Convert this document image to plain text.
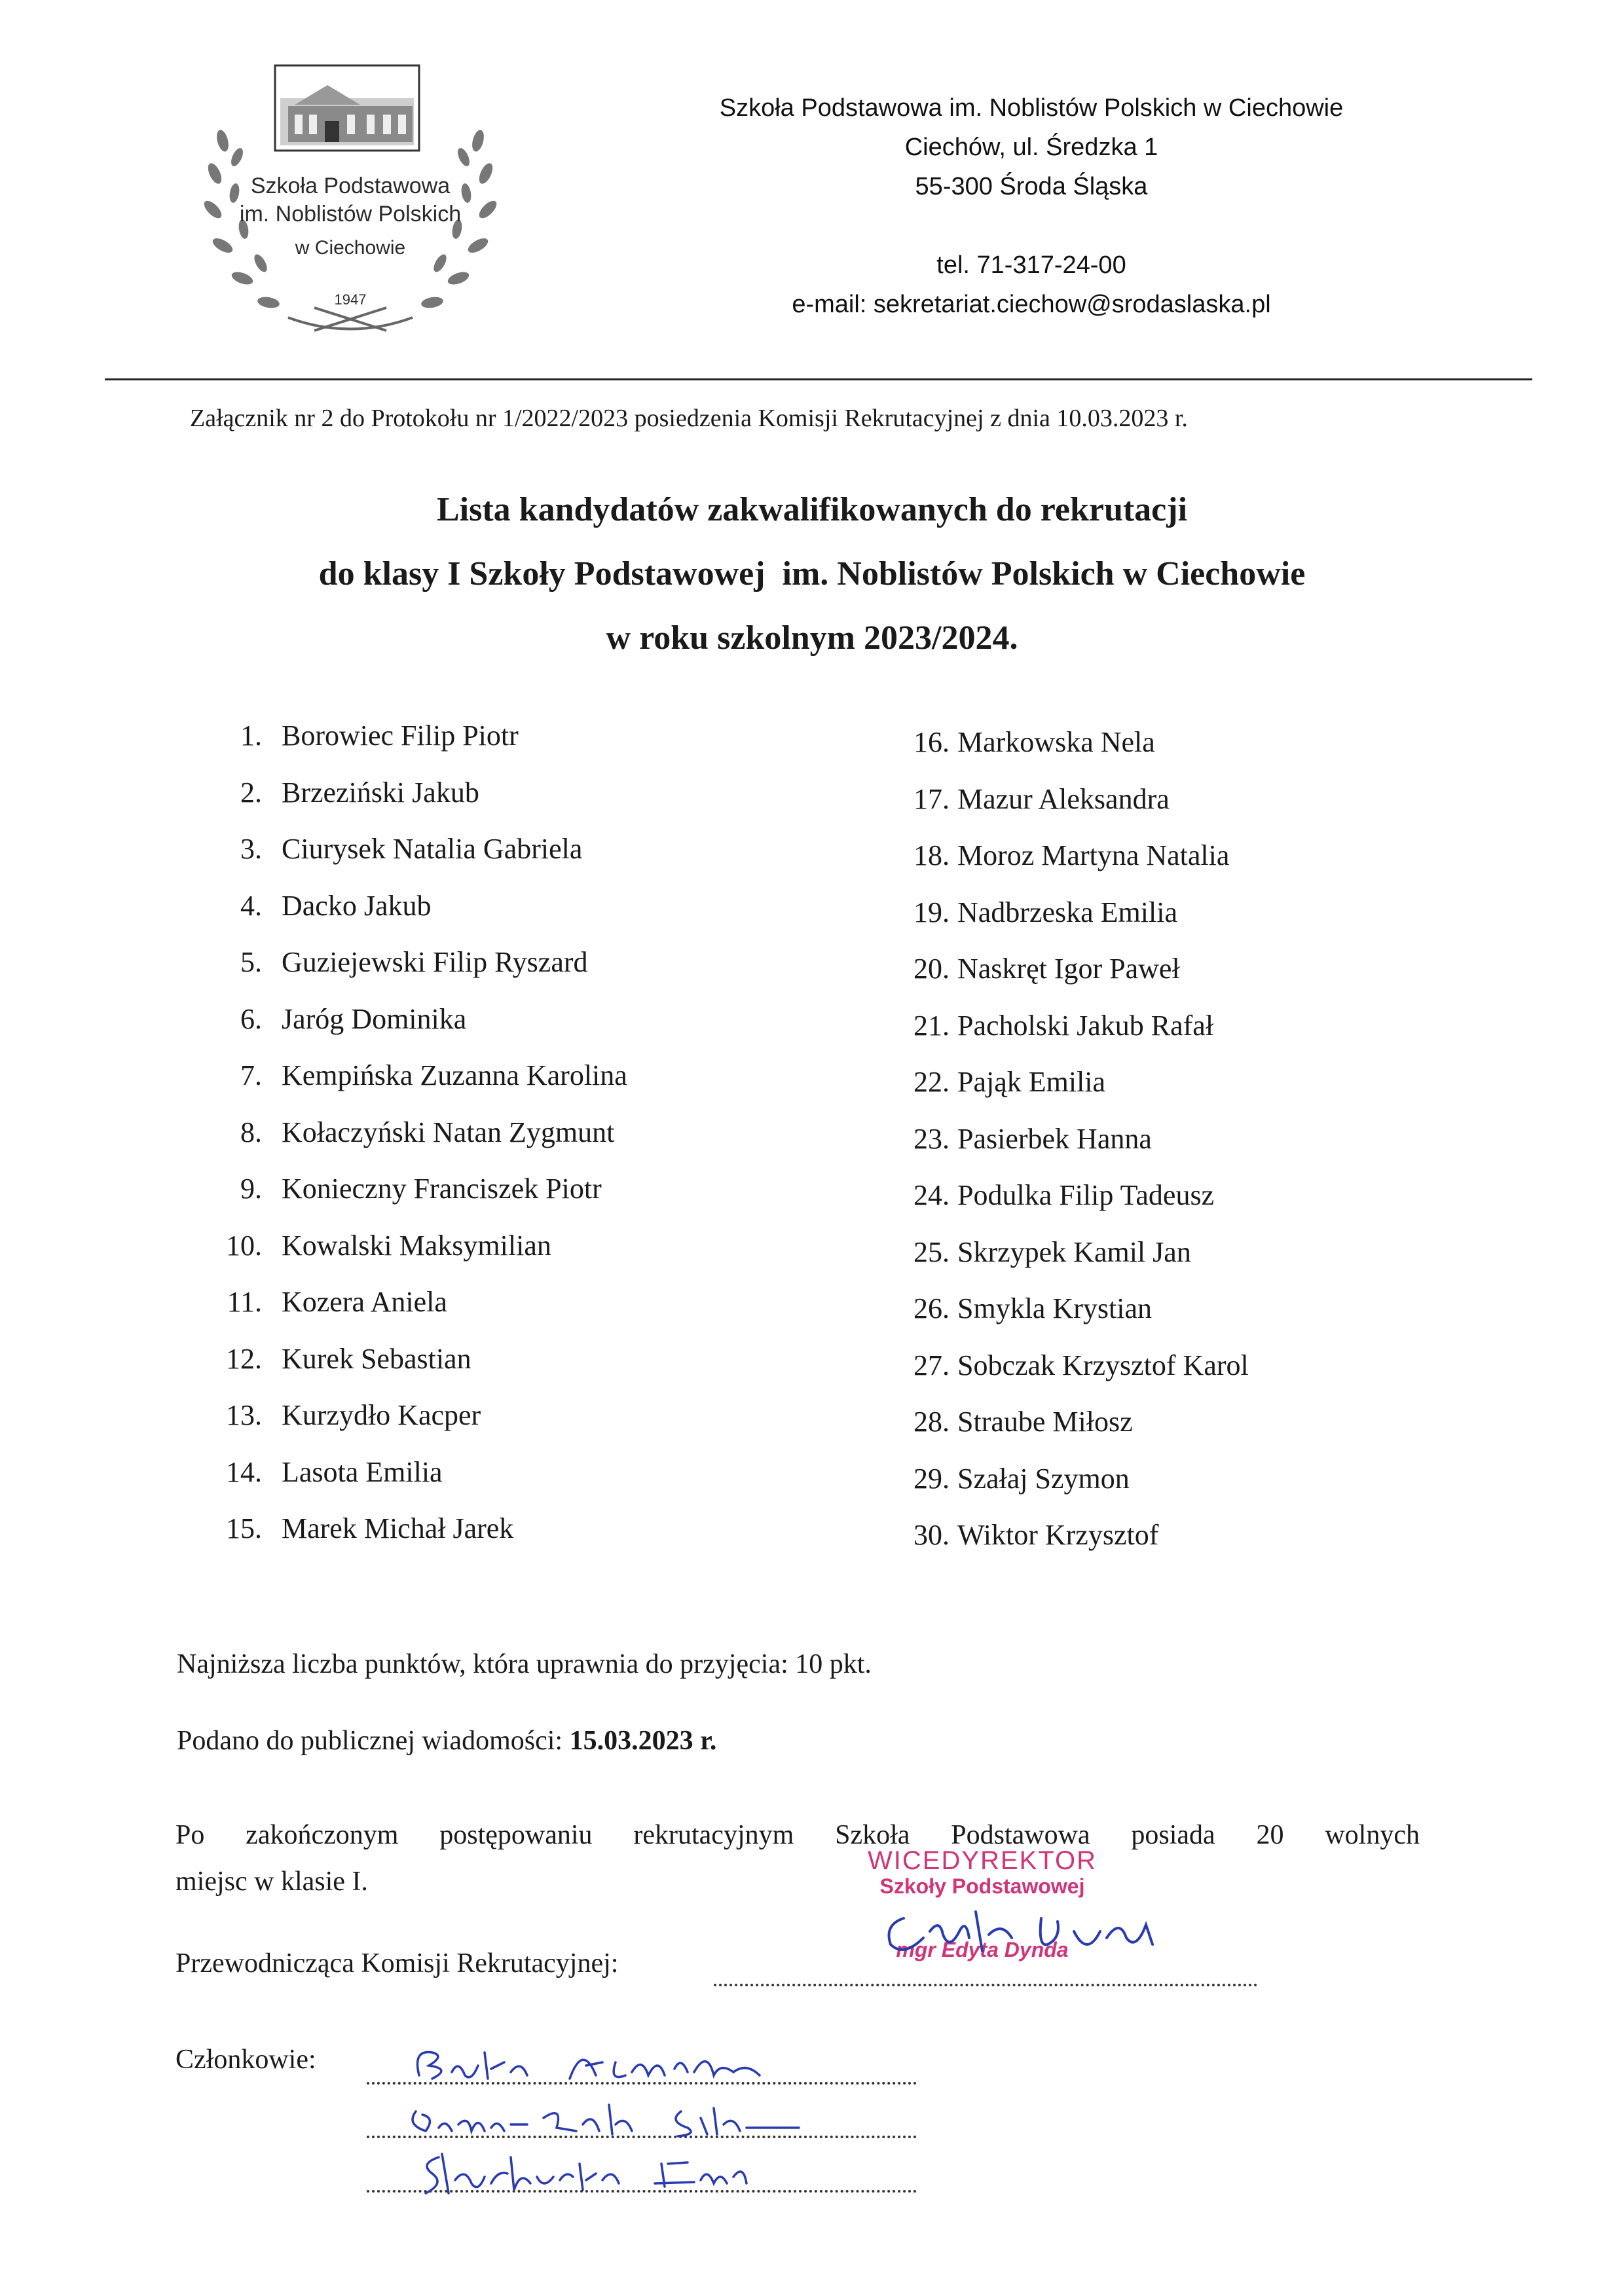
Szkoła Podstawowa
im. Noblistów Polskich
w Ciechowie
1947
Szkoła Podstawowa im. Noblistów Polskich w Ciechowie
Ciechów, ul. Średzka 1
55-300 Środa Śląska
tel. 71-317-24-00
e-mail: sekretariat.ciechow@srodaslaska.pl
Załącznik nr 2 do Protokołu nr 1/2022/2023 posiedzenia Komisji Rekrutacyjnej z dnia 10.03.2023 r.
Lista kandydatów zakwalifikowanych do rekrutacji
do klasy I Szkoły Podstawowej  im. Noblistów Polskich w Ciechowie
w roku szkolnym 2023/2024.
1. Borowiec Filip Piotr
2. Brzeziński Jakub
3. Ciurysek Natalia Gabriela
4. Dacko Jakub
5. Guziejewski Filip Ryszard
6. Jaróg Dominika
7. Kempińska Zuzanna Karolina
8. Kołaczyński Natan Zygmunt
9. Konieczny Franciszek Piotr
10. Kowalski Maksymilian
11. Kozera Aniela
12. Kurek Sebastian
13. Kurzydło Kacper
14. Lasota Emilia
15. Marek Michał Jarek
16. Markowska Nela
17. Mazur Aleksandra
18. Moroz Martyna Natalia
19. Nadbrzeska Emilia
20. Naskręt Igor Paweł
21. Pacholski Jakub Rafał
22. Pająk Emilia
23. Pasierbek Hanna
24. Podulka Filip Tadeusz
25. Skrzypek Kamil Jan
26. Smykla Krystian
27. Sobczak Krzysztof Karol
28. Straube Miłosz
29. Szałaj Szymon
30. Wiktor Krzysztof
Najniższa liczba punktów, która uprawnia do przyjęcia: 10 pkt.
Podano do publicznej wiadomości: 15.03.2023 r.
Po zakończonym postępowaniu rekrutacyjnym Szkoła Podstawowa posiada 20 wolnych
miejsc w klasie I.
Przewodnicząca Komisji Rekrutacyjnej:
Członkowie:
WICEDYREKTOR
Szkoły Podstawowej
mgr Edyta Dynda
